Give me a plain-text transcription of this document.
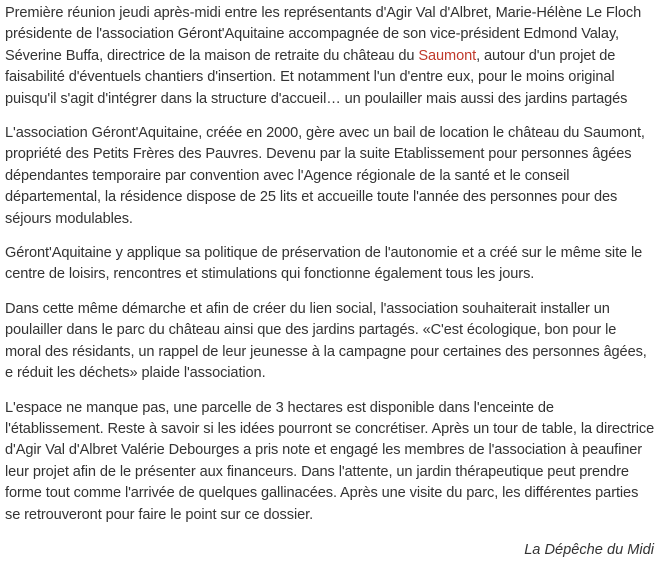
Première réunion jeudi après-midi entre les représentants d'Agir Val d'Albret, Marie-Hélène Le Floch présidente de l'association Géront'Aquitaine accompagnée de son vice-président Edmond Valay, Séverine Buffa, directrice de la maison de retraite du château du Saumont, autour d'un projet de faisabilité d'éventuels chantiers d'insertion. Et notamment l'un d'entre eux, pour le moins original puisqu'il s'agit d'intégrer dans la structure d'accueil… un poulailler mais aussi des jardins partagés

L'association Géront'Aquitaine, créée en 2000, gère avec un bail de location le château du Saumont, propriété des Petits Frères des Pauvres. Devenu par la suite Etablissement pour personnes âgées dépendantes temporaire par convention avec l'Agence régionale de la santé et le conseil départemental, la résidence dispose de 25 lits et accueille toute l'année des personnes pour des séjours modulables.

Géront'Aquitaine y applique sa politique de préservation de l'autonomie et a créé sur le même site le centre de loisirs, rencontres et stimulations qui fonctionne également tous les jours.

Dans cette même démarche et afin de créer du lien social, l'association souhaiterait installer un poulailler dans le parc du château ainsi que des jardins partagés. «C'est écologique, bon pour le moral des résidants, un rappel de leur jeunesse à la campagne pour certaines des personnes âgées, e réduit les déchets» plaide l'association.

L'espace ne manque pas, une parcelle de 3 hectares est disponible dans l'enceinte de l'établissement. Reste à savoir si les idées pourront se concrétiser. Après un tour de table, la directrice d'Agir Val d'Albret Valérie Debourges a pris note et engagé les membres de l'association à peaufiner leur projet afin de le présenter aux financeurs. Dans l'attente, un jardin thérapeutique peut prendre forme tout comme l'arrivée de quelques gallinacées. Après une visite du parc, les différentes parties se retrouveront pour faire le point sur ce dossier.

La Dépêche du Midi
